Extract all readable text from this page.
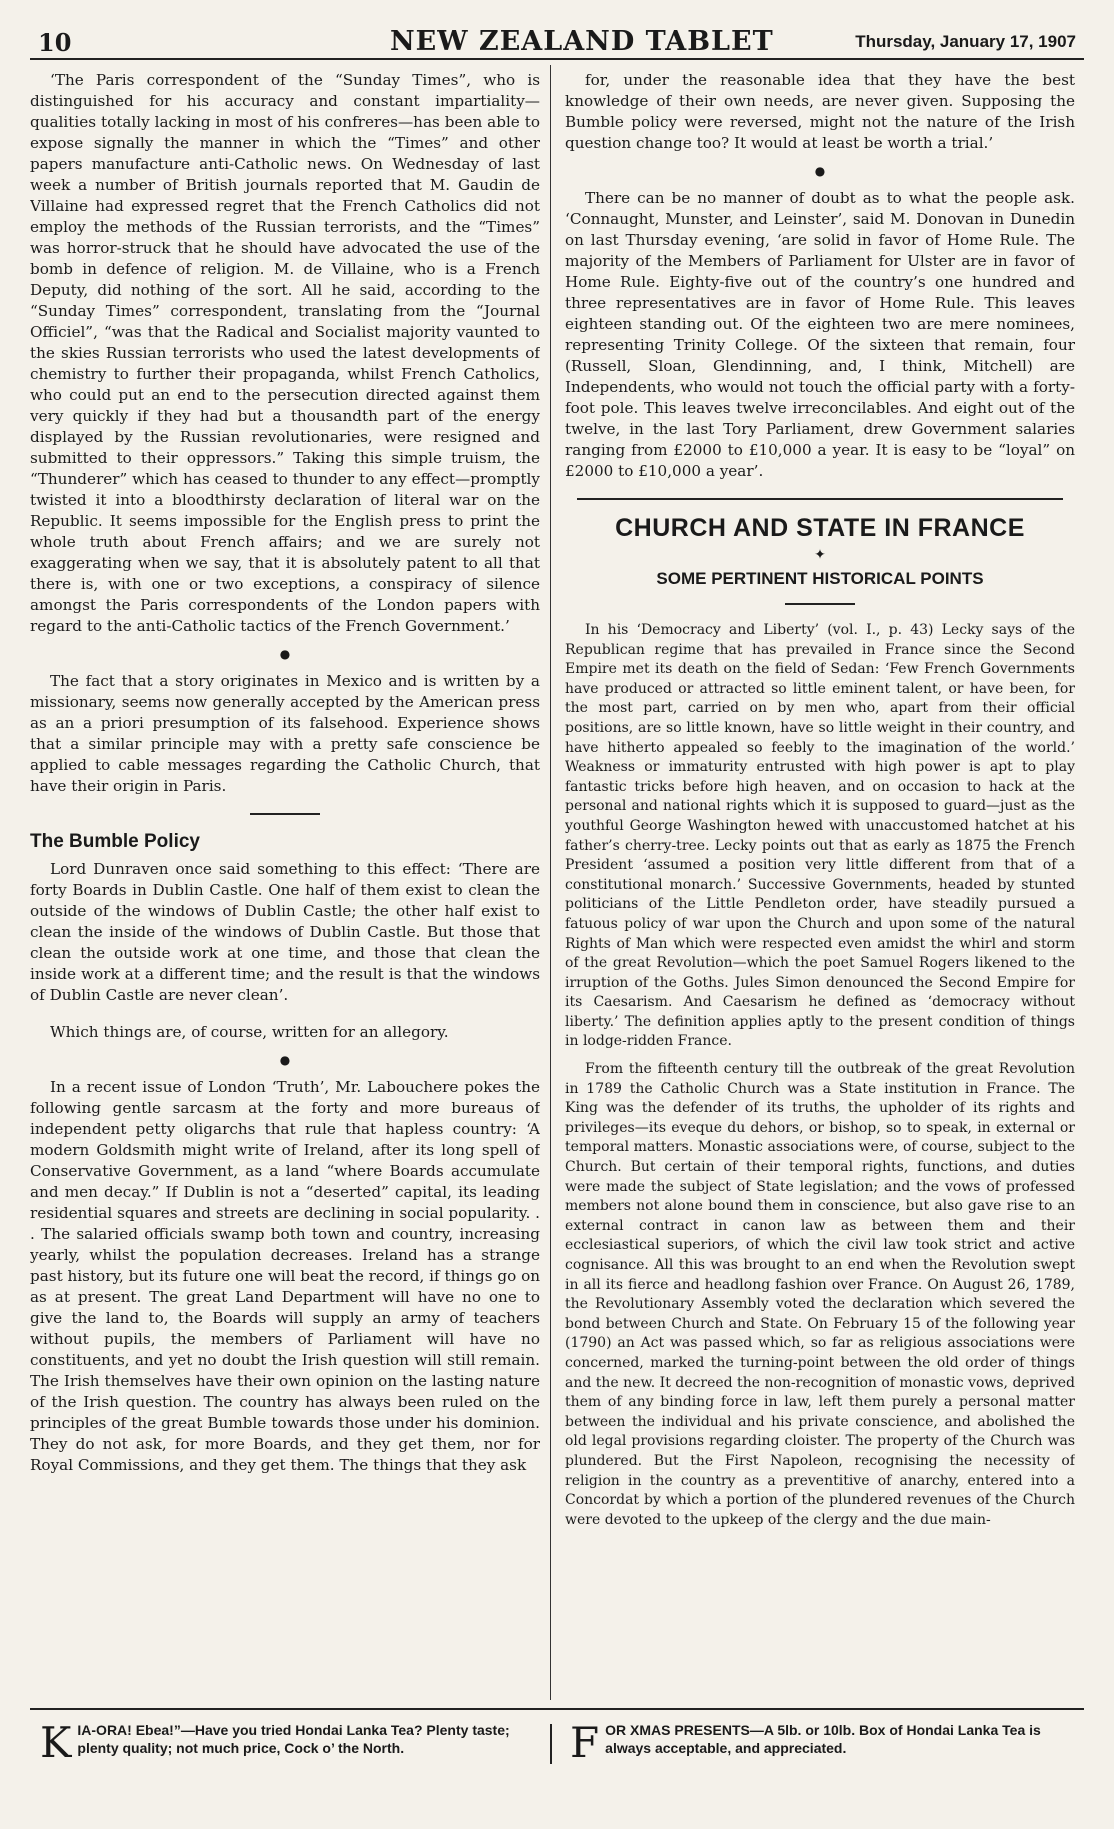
10	NEW ZEALAND TABLET	Thursday, January 17, 1907

‘The Paris correspondent of the “Sunday Times”, who is distinguished for his accuracy and constant impartiality—qualities totally lacking in most of his confreres—has been able to expose signally the manner in which the “Times” and other papers manufacture anti-Catholic news. On Wednesday of last week a number of British journals reported that M. Gaudin de Villaine had expressed regret that the French Catholics did not employ the methods of the Russian terrorists, and the “Times” was horror-struck that he should have advocated the use of the bomb in defence of religion. M. de Villaine, who is a French Deputy, did nothing of the sort. All he said, according to the “Sunday Times” correspondent, translating from the “Journal Officiel”, “was that the Radical and Socialist majority vaunted to the skies Russian terrorists who used the latest developments of chemistry to further their propaganda, whilst French Catholics, who could put an end to the persecution directed against them very quickly if they had but a thousandth part of the energy displayed by the Russian revolutionaries, were resigned and submitted to their oppressors.” Taking this simple truism, the “Thunderer” which has ceased to thunder to any effect—promptly twisted it into a bloodthirsty declaration of literal war on the Republic. It seems impossible for the English press to print the whole truth about French affairs; and we are surely not exaggerating when we say, that it is absolutely patent to all that there is, with one or two exceptions, a conspiracy of silence amongst the Paris correspondents of the London papers with regard to the anti-Catholic tactics of the French Government.’

●

The fact that a story originates in Mexico and is written by a missionary, seems now generally accepted by the American press as an a priori presumption of its falsehood. Experience shows that a similar principle may with a pretty safe conscience be applied to cable messages regarding the Catholic Church, that have their origin in Paris.

The Bumble Policy

Lord Dunraven once said something to this effect: ‘There are forty Boards in Dublin Castle. One half of them exist to clean the outside of the windows of Dublin Castle; the other half exist to clean the inside of the windows of Dublin Castle. But those that clean the outside work at one time, and those that clean the inside work at a different time; and the result is that the windows of Dublin Castle are never clean’.

Which things are, of course, written for an allegory.

●

In a recent issue of London ‘Truth’, Mr. Labouchere pokes the following gentle sarcasm at the forty and more bureaus of independent petty oligarchs that rule that hapless country: ‘A modern Goldsmith might write of Ireland, after its long spell of Conservative Government, as a land “where Boards accumulate and men decay.” If Dublin is not a “deserted” capital, its leading residential squares and streets are declining in social popularity. . . The salaried officials swamp both town and country, increasing yearly, whilst the population decreases. Ireland has a strange past history, but its future one will beat the record, if things go on as at present. The great Land Department will have no one to give the land to, the Boards will supply an army of teachers without pupils, the members of Parliament will have no constituents, and yet no doubt the Irish question will still remain. The Irish themselves have their own opinion on the lasting nature of the Irish question. The country has always been ruled on the principles of the great Bumble towards those under his dominion. They do not ask, for more Boards, and they get them, nor for Royal Commissions, and they get them. The things that they ask

for, under the reasonable idea that they have the best knowledge of their own needs, are never given. Supposing the Bumble policy were reversed, might not the nature of the Irish question change too? It would at least be worth a trial.’

●

There can be no manner of doubt as to what the people ask. ‘Connaught, Munster, and Leinster’, said M. Donovan in Dunedin on last Thursday evening, ‘are solid in favor of Home Rule. The majority of the Members of Parliament for Ulster are in favor of Home Rule. Eighty-five out of the country’s one hundred and three representatives are in favor of Home Rule. This leaves eighteen standing out. Of the eighteen two are mere nominees, representing Trinity College. Of the sixteen that remain, four (Russell, Sloan, Glendinning, and, I think, Mitchell) are Independents, who would not touch the official party with a forty-foot pole. This leaves twelve irreconcilables. And eight out of the twelve, in the last Tory Parliament, drew Government salaries ranging from £2000 to £10,000 a year. It is easy to be “loyal” on £2000 to £10,000 a year’.

CHURCH AND STATE IN FRANCE
✦
SOME PERTINENT HISTORICAL POINTS

In his ‘Democracy and Liberty’ (vol. I., p. 43) Lecky says of the Republican regime that has prevailed in France since the Second Empire met its death on the field of Sedan: ‘Few French Governments have produced or attracted so little eminent talent, or have been, for the most part, carried on by men who, apart from their official positions, are so little known, have so little weight in their country, and have hitherto appealed so feebly to the imagination of the world.’ Weakness or immaturity entrusted with high power is apt to play fantastic tricks before high heaven, and on occasion to hack at the personal and national rights which it is supposed to guard—just as the youthful George Washington hewed with unaccustomed hatchet at his father’s cherry-tree. Lecky points out that as early as 1875 the French President ‘assumed a position very little different from that of a constitutional monarch.’ Successive Governments, headed by stunted politicians of the Little Pendleton order, have steadily pursued a fatuous policy of war upon the Church and upon some of the natural Rights of Man which were respected even amidst the whirl and storm of the great Revolution—which the poet Samuel Rogers likened to the irruption of the Goths. Jules Simon denounced the Second Empire for its Caesarism. And Caesarism he defined as ‘democracy without liberty.’ The definition applies aptly to the present condition of things in lodge-ridden France.

From the fifteenth century till the outbreak of the great Revolution in 1789 the Catholic Church was a State institution in France. The King was the defender of its truths, the upholder of its rights and privileges—its eveque du dehors, or bishop, so to speak, in external or temporal matters. Monastic associations were, of course, subject to the Church. But certain of their temporal rights, functions, and duties were made the subject of State legislation; and the vows of professed members not alone bound them in conscience, but also gave rise to an external contract in canon law as between them and their ecclesiastical superiors, of which the civil law took strict and active cognisance. All this was brought to an end when the Revolution swept in all its fierce and headlong fashion over France. On August 26, 1789, the Revolutionary Assembly voted the declaration which severed the bond between Church and State. On February 15 of the following year (1790) an Act was passed which, so far as religious associations were concerned, marked the turning-point between the old order of things and the new. It decreed the non-recognition of monastic vows, deprived them of any binding force in law, left them purely a personal matter between the individual and his private conscience, and abolished the old legal provisions regarding cloister. The property of the Church was plundered. But the First Napoleon, recognising the necessity of religion in the country as a preventitive of anarchy, entered into a Concordat by which a portion of the plundered revenues of the Church were devoted to the upkeep of the clergy and the due main-

K IA-ORA! Ebea!”—Have you tried Hondai Lanka Tea? Plenty taste; plenty quality; not much price, Cock o’ the North.	F OR XMAS PRESENTS—A 5lb. or 10lb. Box of Hondai Lanka Tea is always acceptable, and appreciated.
